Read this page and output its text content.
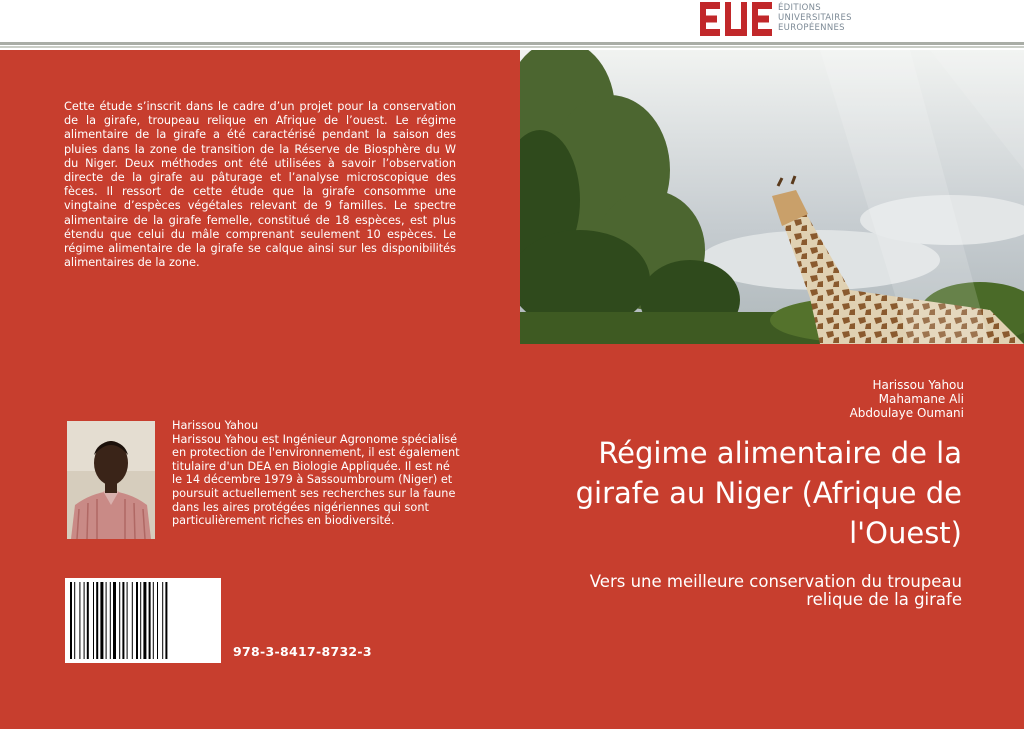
ÉDITIONS
UNIVERSITAIRES
EUROPÉENNES

Cette étude s’inscrit dans le cadre d’un projet pour la conservation de la girafe, troupeau relique en Afrique de l’ouest. Le régime alimentaire de la girafe a été caractérisé pendant la saison des pluies dans la zone de transition de la Réserve de Biosphère du W du Niger. Deux méthodes ont été utilisées à savoir l’observation directe de la girafe au pâturage et l’analyse microscopique des fèces. Il ressort de cette étude que la girafe consomme une vingtaine d’espèces végétales relevant de 9 familles. Le spectre alimentaire de la girafe femelle, constitué de 18 espèces, est plus étendu que celui du mâle comprenant seulement 10 espèces. Le régime alimentaire de la girafe se calque ainsi sur les disponibilités alimentaires de la zone.

Harissou Yahou
Mahamane Ali
Abdoulaye Oumani
Régime alimentaire de la girafe au Niger (Afrique de l'Ouest)

Vers une meilleure conservation du troupeau relique de la girafe

Harissou Yahou
Harissou Yahou est Ingénieur Agronome spécialisé en protection de l'environnement, il est également titulaire d'un DEA en Biologie Appliquée. Il est né le 14 décembre 1979 à Sassoumbroum (Niger) et poursuit actuellement ses recherches sur la faune dans les aires protégées nigériennes qui sont particulièrement riches en biodiversité.
978-3-8417-8732-3
